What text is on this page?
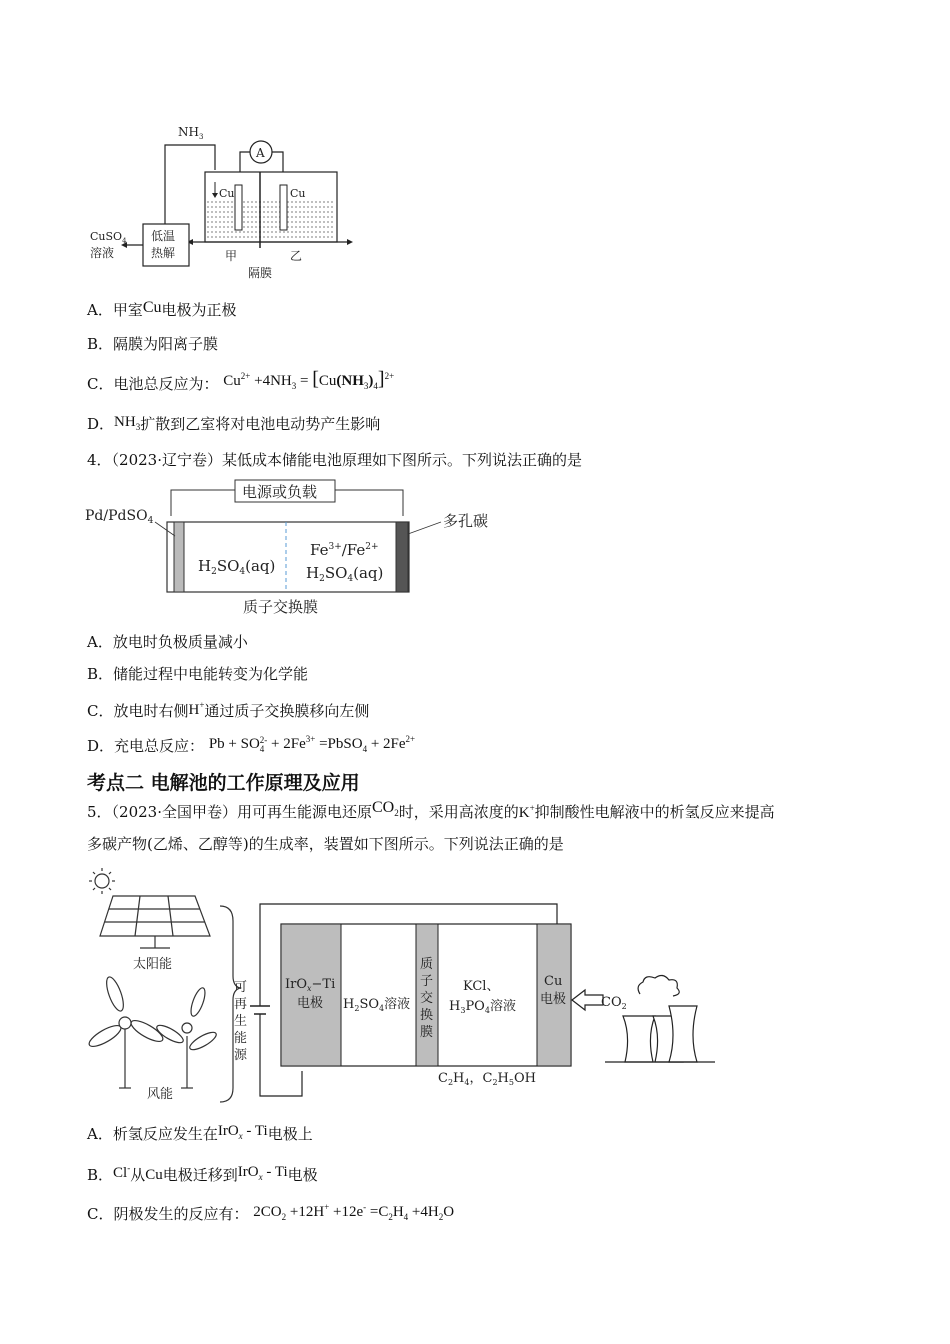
$NH_3$
A
Cu	Cu
低温
热解
CuSO$_4$
溶液	甲	乙
隔膜
A．甲室Cu电极为正极
B．隔膜为阳离子膜
C．电池总反应为： $Cu^{2+} +4NH_3 = [Cu(NH_3)_4]^{2+}$
D．$NH_3$扩散到乙室将对电池电动势产生影响
4．（2023·辽宁卷）某低成本储能电池原理如下图所示。下列说法正确的是
电源或负载
Pd/PdSO$_4$	多孔碳
$H_2SO_4(aq)$
$Fe^{3+}/Fe^{2+}$
$H_2SO_4(aq)$
质子交换膜
A．放电时负极质量减小
B．储能过程中电能转变为化学能
C．放电时右侧H+通过质子交换膜移向左侧
D．充电总反应： Pb + SO 2-
$4 + 2Fe^{3+}$ =PbSO$_4$ + $2Fe^{2+}$
考点二 电解池的工作原理及应用
5．（2023·全国甲卷）用可再生能源电还原$CO_2$时，采用高浓度的K+抑制酸性电解液中的析氢反应来提高
多碳产物(乙烯、乙醇等)的生成率，装置如下图所示。下列说法正确的是
太阳能
风能
可
再
生
能
源
IrO$_x$−Ti
电极 $H_2SO_4$溶液
质
子
交
换
膜
KCl、
$H_3PO_4$溶液
Cu
电极	$CO_2$
$C_2H_4$，$C_2H_5OH$
A．析氢反应发生在IrO$_x$ - Ti电极上
B．Cl-从Cu电极迁移到IrO$_x$ - Ti电极
C．阴极发生的反应有： $2CO_2 +12H^+ +12e^- =C_2H_4 +4H_2O$
